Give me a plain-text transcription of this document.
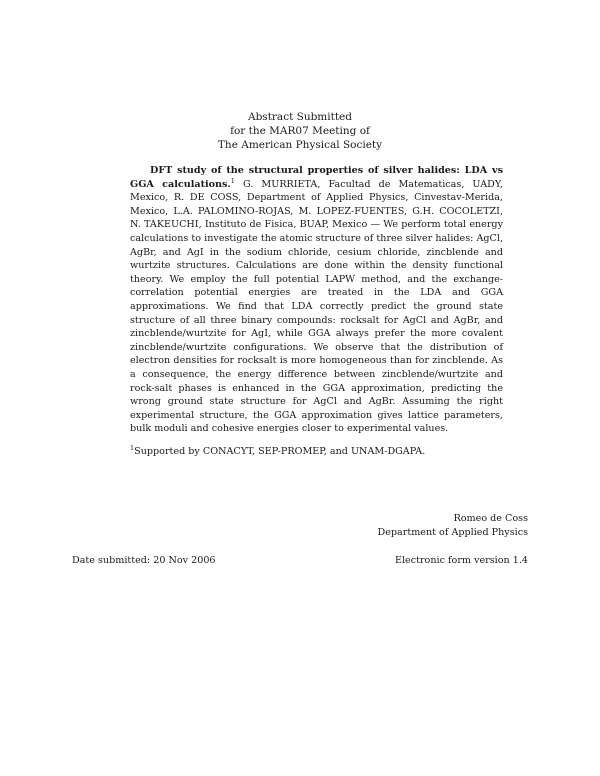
Abstract Submitted
for the MAR07 Meeting of
The American Physical Society

DFT study of the structural properties of silver halides: LDA vs GGA calculations.$^1$ G. MURRIETA, Facultad de Matematicas, UADY, Mexico, R. DE COSS, Department of Applied Physics, Cinvestav-Merida, Mexico, L.A. PALOMINO-ROJAS, M. LOPEZ-FUENTES, G.H. COCOLETZI, N. TAKEUCHI, Instituto de Fisica, BUAP, Mexico — We perform total energy calculations to investigate the atomic structure of three silver halides: AgCl, AgBr, and AgI in the sodium chloride, cesium chloride, zincblende and wurtzite structures. Calculations are done within the density functional theory. We employ the full potential LAPW method, and the exchange-correlation potential energies are treated in the LDA and GGA approximations. We find that LDA correctly predict the ground state structure of all three binary compounds: rocksalt for AgCl and AgBr, and zincblende/wurtzite for AgI, while GGA always prefer the more covalent zincblende/wurtzite configurations. We observe that the distribution of electron densities for rocksalt is more homogeneous than for zincblende. As a consequence, the energy difference between zincblende/wurtzite and rock-salt phases is enhanced in the GGA approximation, predicting the wrong ground state structure for AgCl and AgBr. Assuming the right experimental structure, the GGA approximation gives lattice parameters, bulk moduli and cohesive energies closer to experimental values.

$^1$Supported by CONACYT, SEP-PROMEP, and UNAM-DGAPA.

Romeo de Coss
Department of Applied Physics
Date submitted: 20 Nov 2006	Electronic form version 1.4
